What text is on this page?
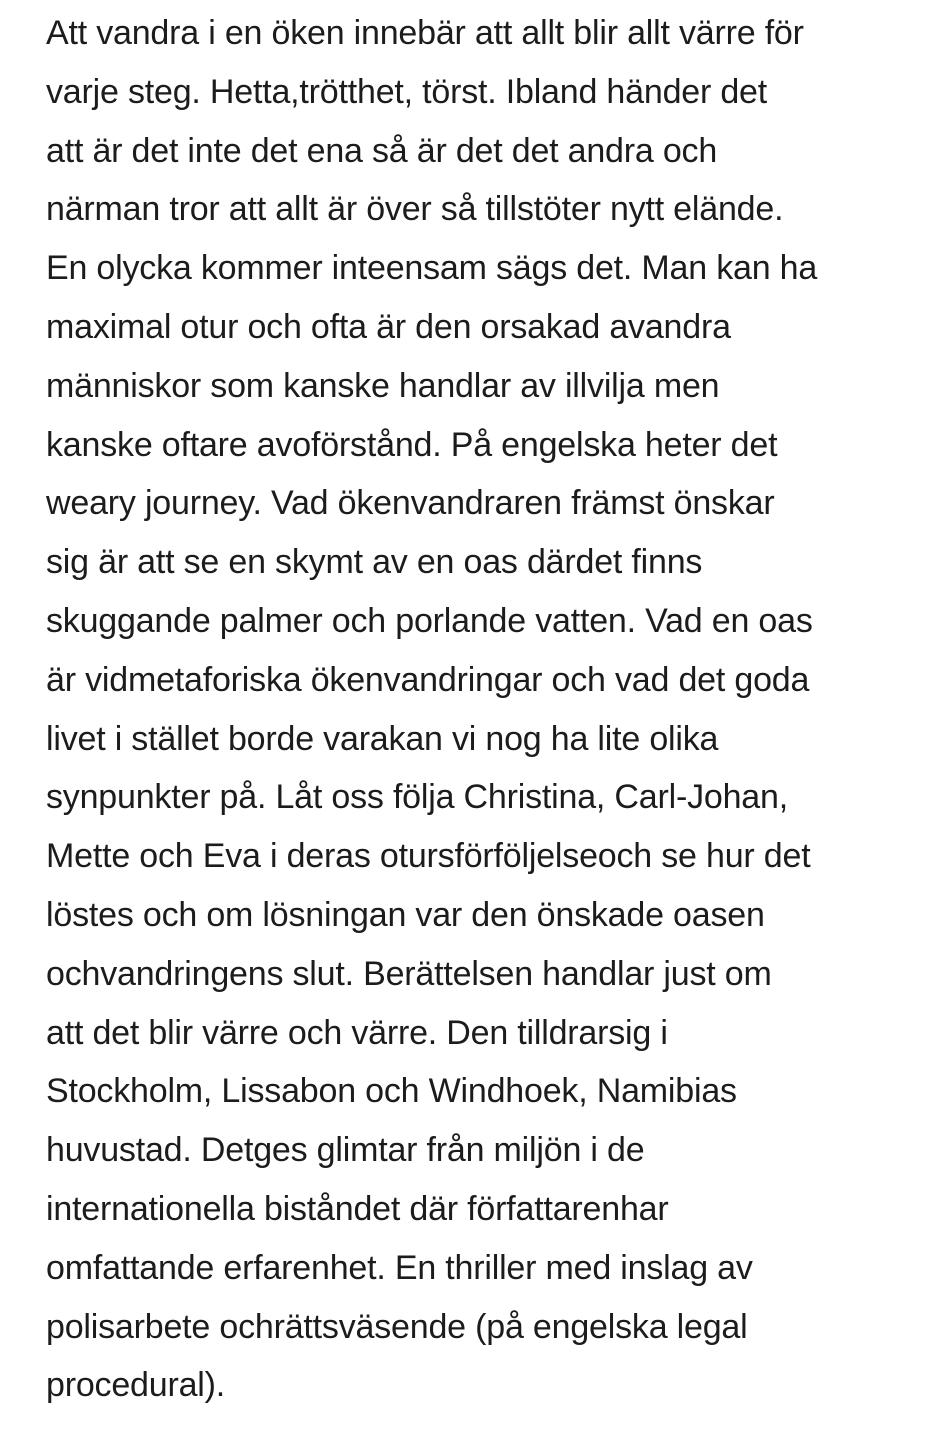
Att vandra i en öken innebär att allt blir allt värre för
varje steg. Hetta,trötthet, törst. Ibland händer det
att är det inte det ena så är det det andra och
närman tror att allt är över så tillstöter nytt elände.
En olycka kommer inteensam sägs det. Man kan ha
maximal otur och ofta är den orsakad avandra
människor som kanske handlar av illvilja men
kanske oftare avoförstånd. På engelska heter det
weary journey. Vad ökenvandraren främst önskar
sig är att se en skymt av en oas därdet finns
skuggande palmer och porlande vatten. Vad en oas
är vidmetaforiska ökenvandringar och vad det goda
livet i stället borde varakan vi nog ha lite olika
synpunkter på. Låt oss följa Christina, Carl-Johan,
Mette och Eva i deras otursförföljelseoch se hur det
löstes och om lösningan var den önskade oasen
ochvandringens slut. Berättelsen handlar just om
att det blir värre och värre. Den tilldrarsig i
Stockholm, Lissabon och Windhoek, Namibias
huvustad. Detges glimtar från miljön i de
internationella biståndet där författarenhar
omfattande erfarenhet. En thriller med inslag av
polisarbete ochrättsväsende (på engelska legal
procedural).
